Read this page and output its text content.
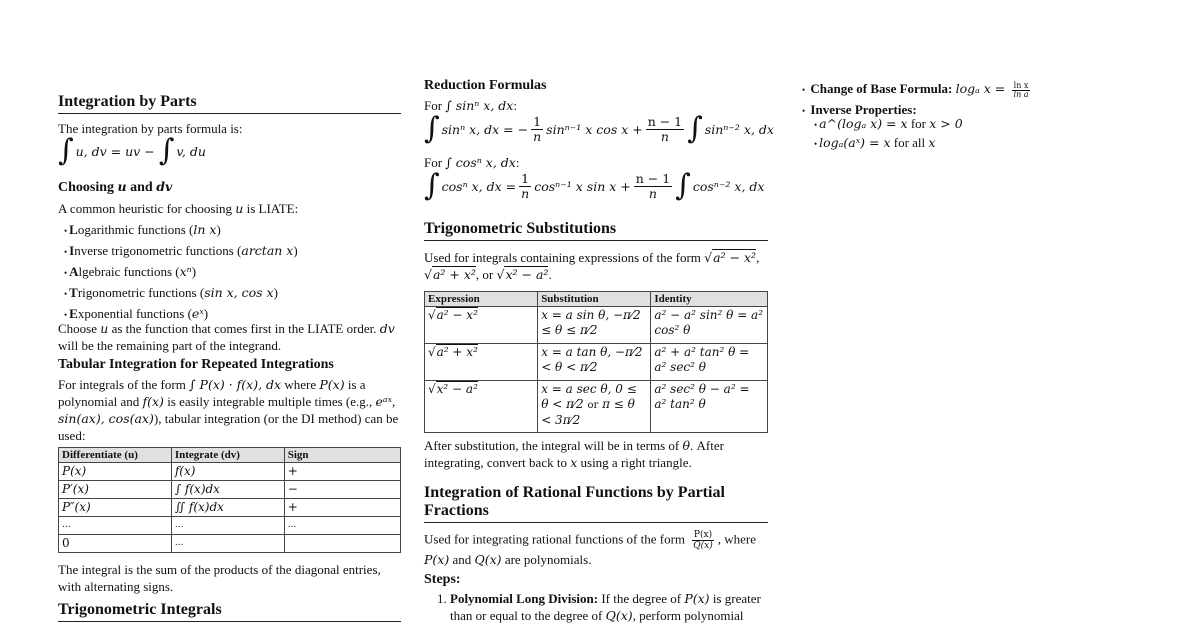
Integration by Parts

The integration by parts formula is:

∫ u, dv = uv − ∫ v, du
Choosing u and dv

A common heuristic for choosing u is LIATE:

• Logarithmic functions (ln x)
• Inverse trigonometric functions (arctan x)
• Algebraic functions (xⁿ)
• Trigonometric functions (sin x, cos x)
• Exponential functions (eˣ)

Choose u as the function that comes first in the LIATE order. dv will be the remaining part of the integrand.

Tabular Integration for Repeated Integrations

For integrals of the form ∫ P(x) · f(x), dx where P(x) is a polynomial and f(x) is easily integrable multiple times (e.g., eᵃˣ, sin(ax), cos(ax)), tabular integration (or the DI method) can be used:

Differentiate (u)	Integrate (dv)	Sign
P(x)	f(x)	+
P′(x)	∫ f(x)dx	−
P″(x)	∬ f(x)dx	+
...	...	...
0	...	

The integral is the sum of the products of the diagonal entries, with alternating signs.

Trigonometric Integrals
Reduction Formulas

For ∫ sinⁿ x, dx:

∫ sinⁿ x, dx = − $\frac{1}{n} \sin^{n-1}$ x $\cos x + \frac{n - 1}{n}$ ∫ sinⁿ⁻² x, dx

For ∫ cosⁿ x, dx:

∫ cosⁿ x, dx = $\frac{1}{n} \cos^{n-1}$ x $\sin x + \frac{n - 1}{n}$ ∫ cosⁿ⁻² x, dx
Trigonometric Substitutions

Used for integrals containing expressions of the form √a² − x²,
√a² + x², or √x² − a².

Expression	Substitution	Identity
√a² − x²	x = a sin θ, −π⁄2 ≤ θ ≤ π⁄2	a² − a² sin² θ = a² cos² θ
√a² + x²	x = a tan θ, −π⁄2 < θ < π⁄2	a² + a² tan² θ = a² sec² θ
√x² − a²	x = a sec θ, 0 ≤ θ < π⁄2 or π ≤ θ < 3π⁄2	a² sec² θ − a² = a² tan² θ

After substitution, the integral will be in terms of θ. After integrating, convert back to x using a right triangle.

Integration of Rational Functions by Partial Fractions

Used for integrating rational functions of the form $\frac{P(x)}{Q(x)}$ , where P(x) and Q(x) are polynomials.

Steps:
1. Polynomial Long Division: If the degree of P(x) is greater than or equal to the degree of Q(x), perform polynomial
• Change of Base Formula: logₐ $x = \frac{\text{ln x}}{\text{ln a}}$
• Inverse Properties:
• a^(logₐ x) = x for x > 0
• logₐ(aˣ) = x for all x
